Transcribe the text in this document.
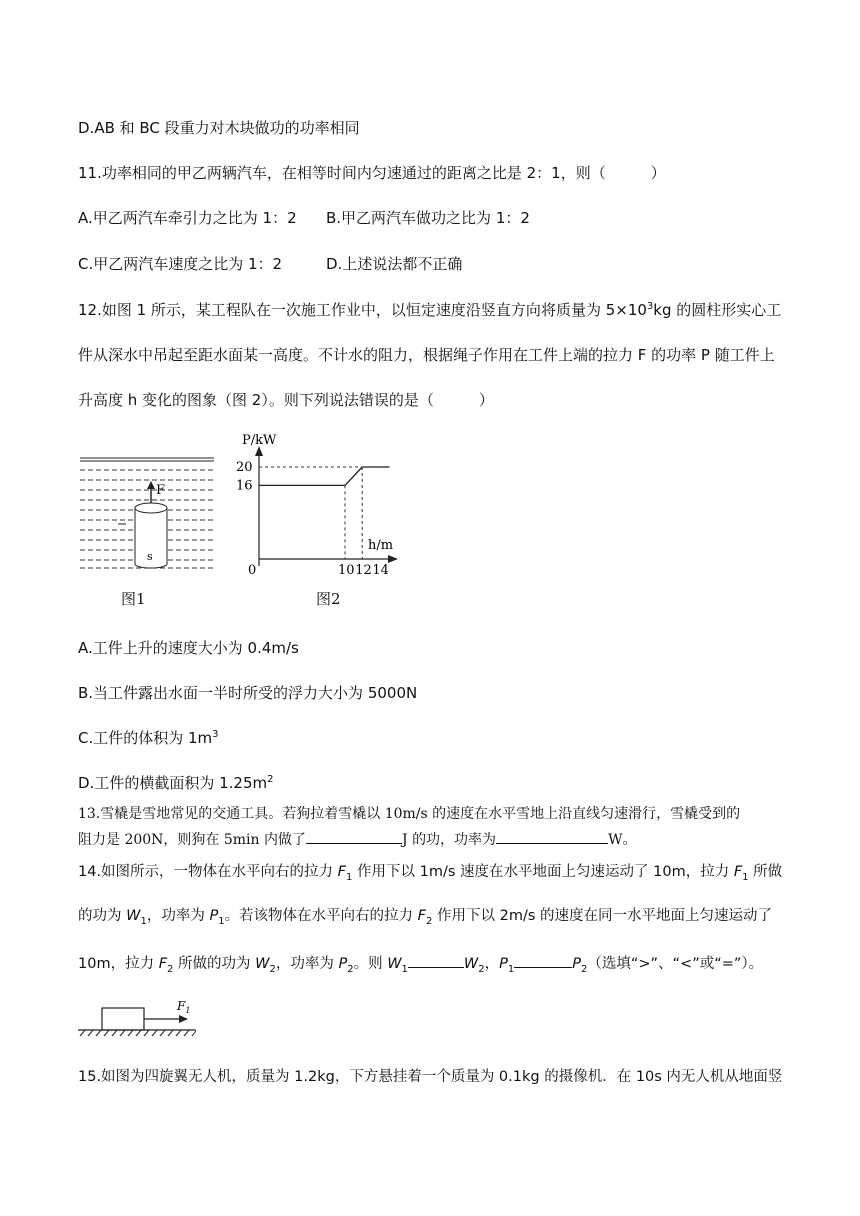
D.AB 和 BC 段重力对木块做功的功率相同
11.功率相同的甲乙两辆汽车，在相等时间内匀速通过的距离之比是 2：1，则（　　　）
A.甲乙两汽车牵引力之比为 1：2 B.甲乙两汽车做功之比为 1：2
C.甲乙两汽车速度之比为 1：2	D.上述说法都不正确
12.如图 1 所示，某工程队在一次施工作业中，以恒定速度沿竖直方向将质量为 $5\times 10^3kg$ 的圆柱形实心工
件从深水中吊起至距水面某一高度。不计水的阻力，根据绳子作用在工件上端的拉力 F 的功率 P 随工件上
升高度 h 变化的图象（图 2）。则下列说法错误的是（　　　）
F
s
图1
P/kW
h/m
0
16
20
10 12 14
图2
A.工件上升的速度大小为 0.4m/s
B.当工件露出水面一半时所受的浮力大小为 5000N
C.工件的体积为 $1m^3$
D.工件的横截面积为 $1.25m^2$
13.雪橇是雪地常见的交通工具。若狗拉着雪橇以 10m/s 的速度在水平雪地上沿直线匀速滑行，雪橇受到的
阻力是 200N，则狗在 5min 内做了	J 的功，功率为	W。
14.如图所示，一物体在水平向右的拉力 $F_1$ 作用下以 1m/s 速度在水平地面上匀速运动了 10m，拉力 $F_1$ 所做
的功为 $W_1$，功率为 $P_1$。若该物体在水平向右的拉力 $F_2$ 作用下以 2m/s 的速度在同一水平地面上匀速运动了
10m，拉力 $F_2$ 所做的功为 $W_2$，功率为 $P_2$。则 $W_1$	$W_2$，$P_1$	$P_2$（选填“>”、“<”或“=”）。
$F_1$
15.如图为四旋翼无人机，质量为 1.2kg，下方悬挂着一个质量为 0.1kg 的摄像机．在 10s 内无人机从地面竖
